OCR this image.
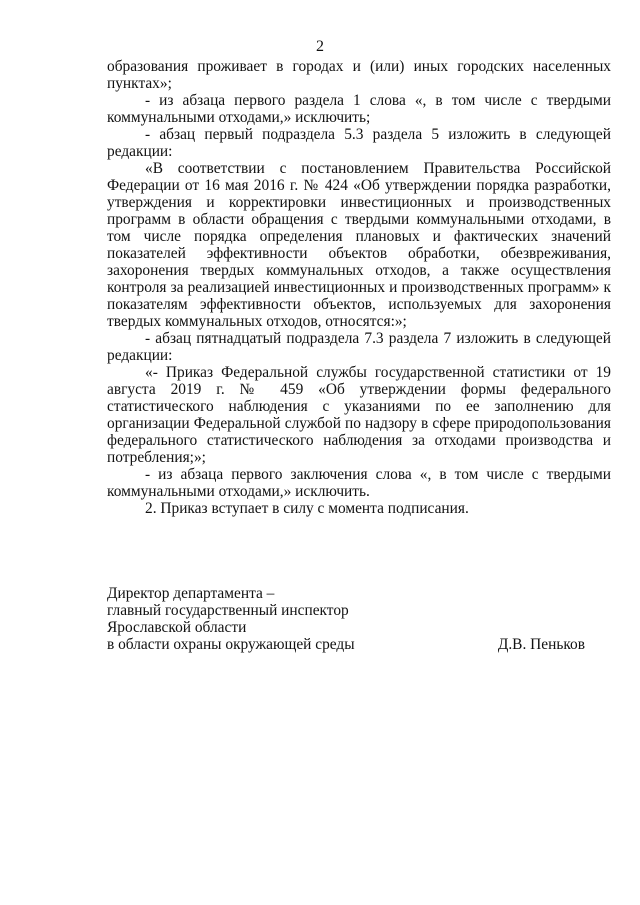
2

образования проживает в городах и (или) иных городских населенных пунктах»;

- из абзаца первого раздела 1 слова «, в том числе с твердыми коммунальными отходами,» исключить;

- абзац первый подраздела 5.3 раздела 5 изложить в следующей редакции:

«В соответствии с постановлением Правительства Российской Федерации от 16 мая 2016 г. № 424 «Об утверждении порядка разработки, утверждения и корректировки инвестиционных и производственных программ в области обращения с твердыми коммунальными отходами, в том числе порядка определения плановых и фактических значений показателей эффективности объектов обработки, обезвреживания, захоронения твердых коммунальных отходов, а также осуществления контроля за реализацией инвестиционных и производственных программ» к показателям эффективности объектов, используемых для захоронения твердых коммунальных отходов, относятся:»;

- абзац пятнадцатый подраздела 7.3 раздела 7 изложить в следующей редакции:

«- Приказ Федеральной службы государственной статистики от 19 августа 2019 г. № 459 «Об утверждении формы федерального статистического наблюдения с указаниями по ее заполнению для организации Федеральной службой по надзору в сфере природопользования федерального статистического наблюдения за отходами производства и потребления;»;

- из абзаца первого заключения слова «, в том числе с твердыми коммунальными отходами,» исключить.

2. Приказ вступает в силу с момента подписания.

Директор департамента –
главный государственный инспектор
Ярославской области
в области охраны окружающей среды	Д.В. Пеньков
